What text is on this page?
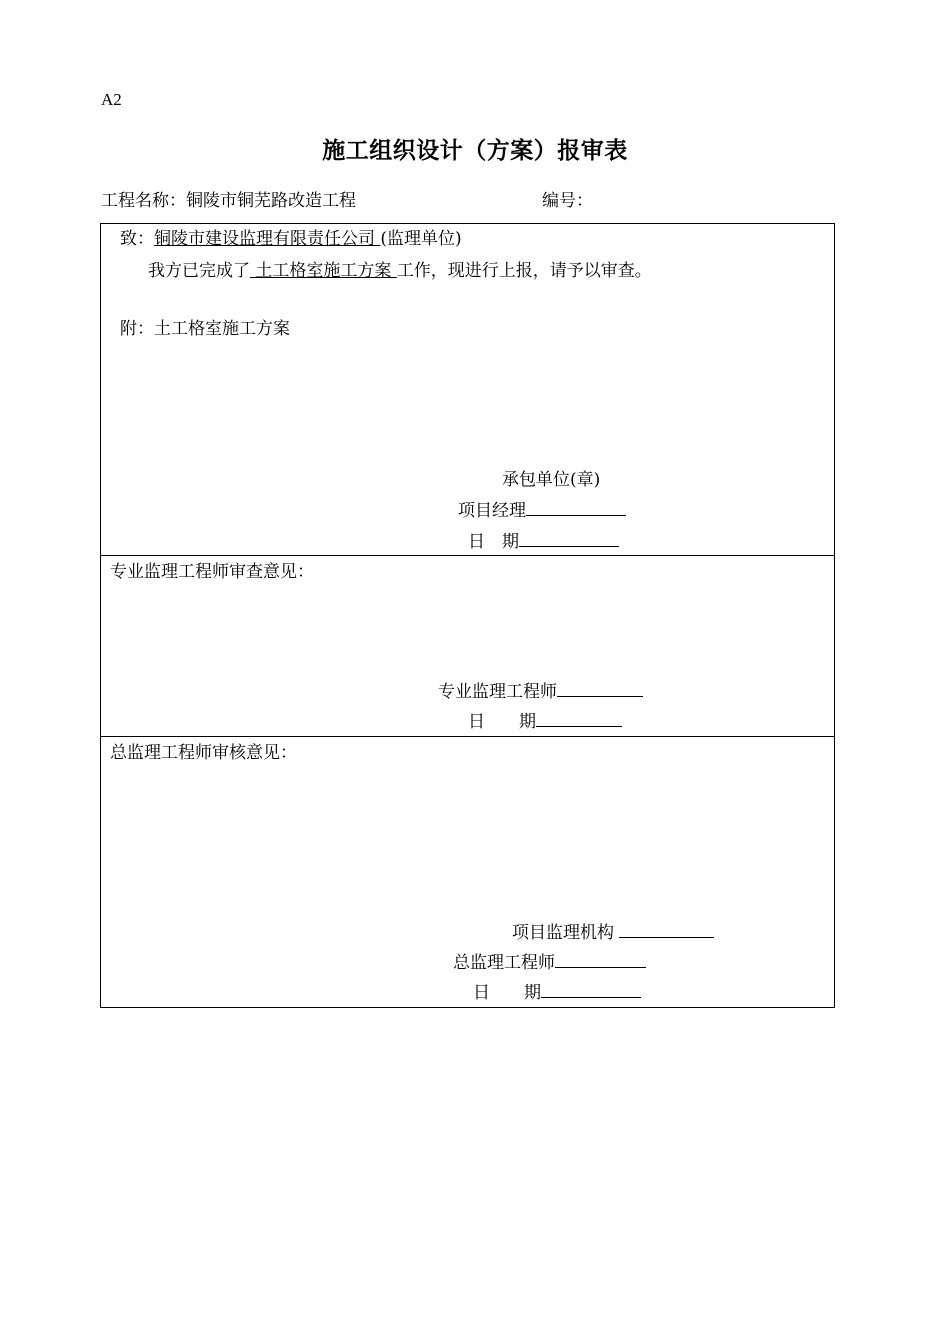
A2
施工组织设计（方案）报审表
工程名称：铜陵市铜芜路改造工程	编号：
致：铜陵市建设监理有限责任公司 (监理单位)
我方已完成了 土工格室施工方案 工作，现进行上报，请予以审查。
附：土工格室施工方案
承包单位(章)
项目经理
日　期
专业监理工程师审查意见：
专业监理工程师
日　　期
总监理工程师审核意见：
项目监理机构
总监理工程师
日　　期
